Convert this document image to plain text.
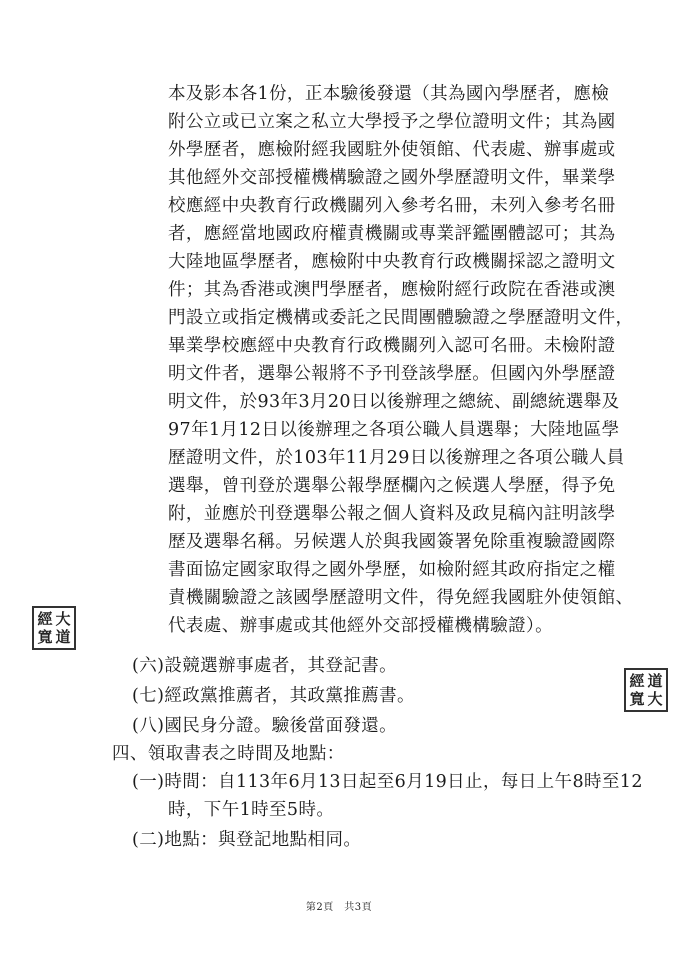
本及影本各1份，正本驗後發還（其為國內學歷者，應檢
附公立或已立案之私立大學授予之學位證明文件；其為國
外學歷者，應檢附經我國駐外使領館、代表處、辦事處或
其他經外交部授權機構驗證之國外學歷證明文件，畢業學
校應經中央教育行政機關列入參考名冊，未列入參考名冊
者，應經當地國政府權責機關或專業評鑑團體認可；其為
大陸地區學歷者，應檢附中央教育行政機關採認之證明文
件；其為香港或澳門學歷者，應檢附經行政院在香港或澳
門設立或指定機構或委託之民間團體驗證之學歷證明文件，
畢業學校應經中央教育行政機關列入認可名冊。未檢附證
明文件者，選舉公報將不予刊登該學歷。但國內外學歷證
明文件，於93年3月20日以後辦理之總統、副總統選舉及
97年1月12日以後辦理之各項公職人員選舉；大陸地區學
歷證明文件，於103年11月29日以後辦理之各項公職人員
選舉，曾刊登於選舉公報學歷欄內之候選人學歷，得予免
附，並應於刊登選舉公報之個人資料及政見稿內註明該學
歷及選舉名稱。另候選人於與我國簽署免除重複驗證國際
書面協定國家取得之國外學歷，如檢附經其政府指定之權
責機關驗證之該國學歷證明文件，得免經我國駐外使領館、
代表處、辦事處或其他經外交部授權機構驗證）。
(六)設競選辦事處者，其登記書。
(七)經政黨推薦者，其政黨推薦書。
(八)國民身分證。驗後當面發還。
四、領取書表之時間及地點：
(一)時間：自113年6月13日起至6月19日止，每日上午8時至12
時，下午1時至5時。
(二)地點：與登記地點相同。
經 大
寬 道
經 道
寬 大
第2頁　共3頁
